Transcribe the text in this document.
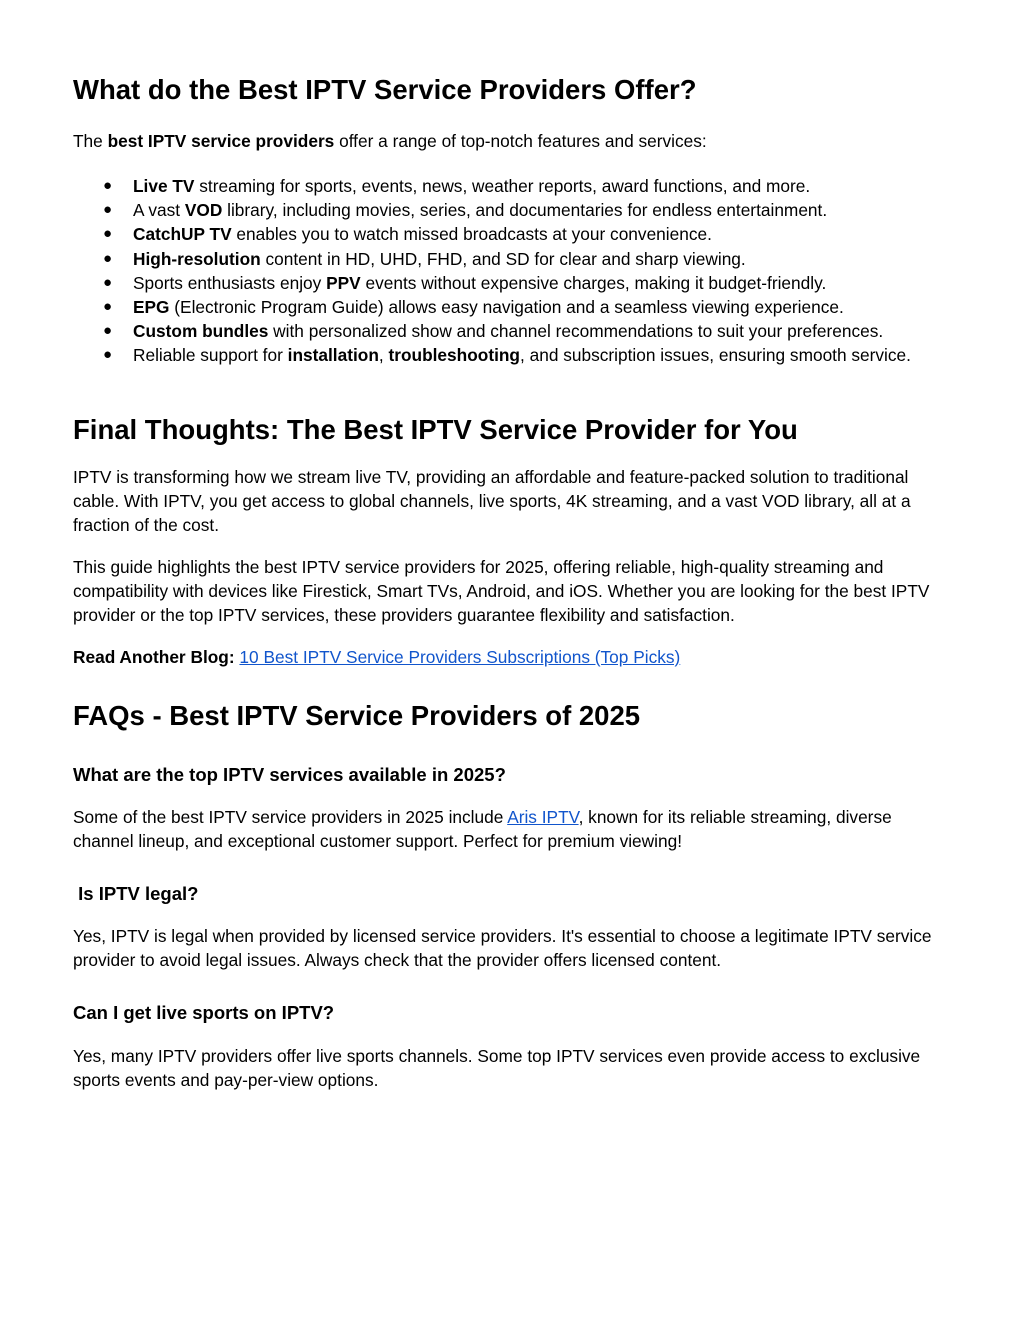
What do the Best IPTV Service Providers Offer?

The best IPTV service providers offer a range of top-notch features and services:

● Live TV streaming for sports, events, news, weather reports, award functions, and more.
● A vast VOD library, including movies, series, and documentaries for endless entertainment.
● CatchUP TV enables you to watch missed broadcasts at your convenience.
● High-resolution content in HD, UHD, FHD, and SD for clear and sharp viewing.
● Sports enthusiasts enjoy PPV events without expensive charges, making it budget-friendly.
● EPG (Electronic Program Guide) allows easy navigation and a seamless viewing experience.
● Custom bundles with personalized show and channel recommendations to suit your preferences.
● Reliable support for installation, troubleshooting, and subscription issues, ensuring smooth service.
Final Thoughts: The Best IPTV Service Provider for You

IPTV is transforming how we stream live TV, providing an affordable and feature-packed solution to traditional cable. With IPTV, you get access to global channels, live sports, 4K streaming, and a vast VOD library, all at a fraction of the cost.

This guide highlights the best IPTV service providers for 2025, offering reliable, high-quality streaming and compatibility with devices like Firestick, Smart TVs, Android, and iOS. Whether you are looking for the best IPTV provider or the top IPTV services, these providers guarantee flexibility and satisfaction.

Read Another Blog: 10 Best IPTV Service Providers Subscriptions (Top Picks)

FAQs - Best IPTV Service Providers of 2025
What are the top IPTV services available in 2025?

Some of the best IPTV service providers in 2025 include Aris IPTV, known for its reliable streaming, diverse channel lineup, and exceptional customer support. Perfect for premium viewing!

Is IPTV legal?

Yes, IPTV is legal when provided by licensed service providers. It's essential to choose a legitimate IPTV service provider to avoid legal issues. Always check that the provider offers licensed content.

Can I get live sports on IPTV?

Yes, many IPTV providers offer live sports channels. Some top IPTV services even provide access to exclusive sports events and pay-per-view options.
